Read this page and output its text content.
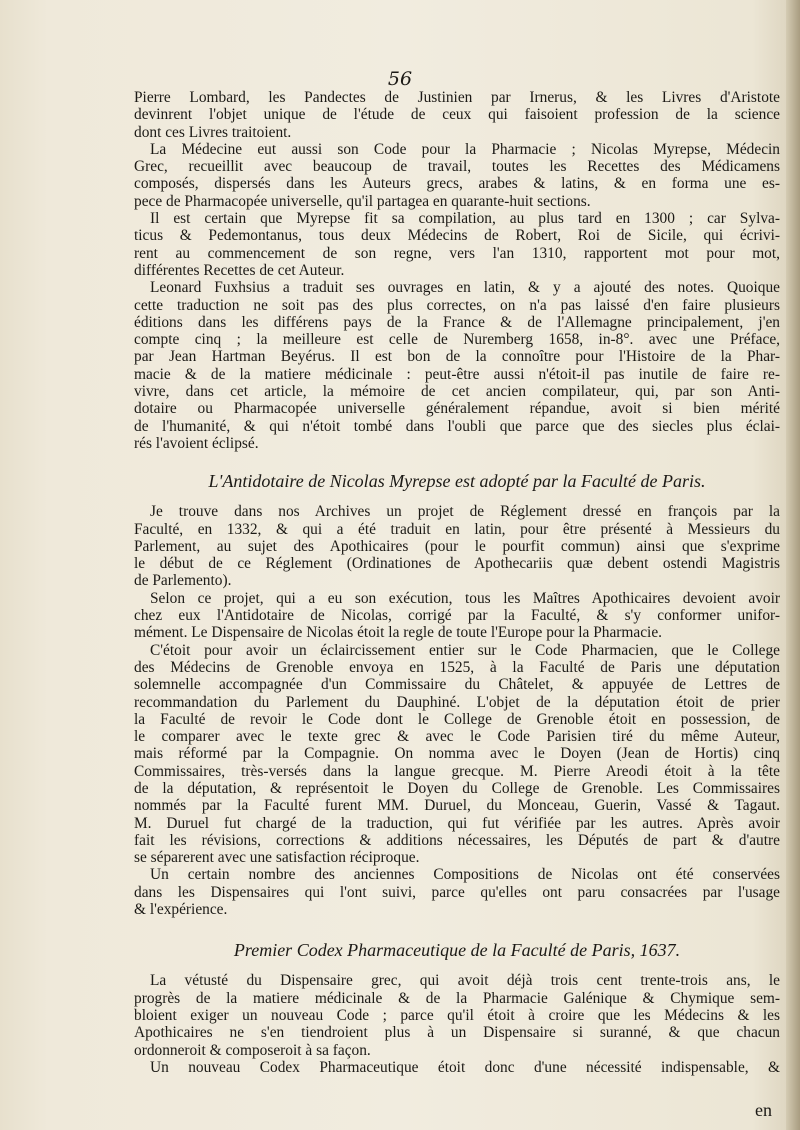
56
Pierre Lombard, les Pandectes de Justinien par Irnerus, & les Livres d'Aristote
devinrent l'objet unique de l'étude de ceux qui faisoient profession de la science
dont ces Livres traitoient.
La Médecine eut aussi son Code pour la Pharmacie ; Nicolas Myrepse, Médecin
Grec, recueillit avec beaucoup de travail, toutes les Recettes des Médicamens
composés, dispersés dans les Auteurs grecs, arabes & latins, & en forma une es-
pece de Pharmacopée universelle, qu'il partagea en quarante-huit sections.
Il est certain que Myrepse fit sa compilation, au plus tard en 1300 ; car Sylva-
ticus & Pedemontanus, tous deux Médecins de Robert, Roi de Sicile, qui écrivi-
rent au commencement de son regne, vers l'an 1310, rapportent mot pour mot,
différentes Recettes de cet Auteur.
Leonard Fuxhsius a traduit ses ouvrages en latin, & y a ajouté des notes. Quoique
cette traduction ne soit pas des plus correctes, on n'a pas laissé d'en faire plusieurs
éditions dans les différens pays de la France & de l'Allemagne principalement, j'en
compte cinq ; la meilleure est celle de Nuremberg 1658, in-8°. avec une Préface,
par Jean Hartman Beyérus. Il est bon de la connoître pour l'Histoire de la Phar-
macie & de la matiere médicinale : peut-être aussi n'étoit-il pas inutile de faire re-
vivre, dans cet article, la mémoire de cet ancien compilateur, qui, par son Anti-
dotaire ou Pharmacopée universelle généralement répandue, avoit si bien mérité
de l'humanité, & qui n'étoit tombé dans l'oubli que parce que des siecles plus éclai-
rés l'avoient éclipsé.
L'Antidotaire de Nicolas Myrepse est adopté par la Faculté de Paris.
Je trouve dans nos Archives un projet de Réglement dressé en françois par la
Faculté, en 1332, & qui a été traduit en latin, pour être présenté à Messieurs du
Parlement, au sujet des Apothicaires (pour le pourfit commun) ainsi que s'exprime
le début de ce Réglement (Ordinationes de Apothecariis quæ debent ostendi Magistris
de Parlemento).
Selon ce projet, qui a eu son exécution, tous les Maîtres Apothicaires devoient avoir
chez eux l'Antidotaire de Nicolas, corrigé par la Faculté, & s'y conformer unifor-
mément. Le Dispensaire de Nicolas étoit la regle de toute l'Europe pour la Pharmacie.
C'étoit pour avoir un éclaircissement entier sur le Code Pharmacien, que le College
des Médecins de Grenoble envoya en 1525, à la Faculté de Paris une députation
solemnelle accompagnée d'un Commissaire du Châtelet, & appuyée de Lettres de
recommandation du Parlement du Dauphiné. L'objet de la députation étoit de prier
la Faculté de revoir le Code dont le College de Grenoble étoit en possession, de
le comparer avec le texte grec & avec le Code Parisien tiré du même Auteur,
mais réformé par la Compagnie. On nomma avec le Doyen (Jean de Hortis) cinq
Commissaires, très-versés dans la langue grecque. M. Pierre Areodi étoit à la tête
de la députation, & représentoit le Doyen du College de Grenoble. Les Commissaires
nommés par la Faculté furent MM. Duruel, du Monceau, Guerin, Vassé & Tagaut.
M. Duruel fut chargé de la traduction, qui fut vérifiée par les autres. Après avoir
fait les révisions, corrections & additions nécessaires, les Députés de part & d'autre
se séparerent avec une satisfaction réciproque.
Un certain nombre des anciennes Compositions de Nicolas ont été conservées
dans les Dispensaires qui l'ont suivi, parce qu'elles ont paru consacrées par l'usage
& l'expérience.
Premier Codex Pharmaceutique de la Faculté de Paris, 1637.
La vétusté du Dispensaire grec, qui avoit déjà trois cent trente-trois ans, le
progrès de la matiere médicinale & de la Pharmacie Galénique & Chymique sem-
bloient exiger un nouveau Code ; parce qu'il étoit à croire que les Médecins & les
Apothicaires ne s'en tiendroient plus à un Dispensaire si suranné, & que chacun
ordonneroit & composeroit à sa façon.
Un nouveau Codex Pharmaceutique étoit donc d'une nécessité indispensable, &
en
